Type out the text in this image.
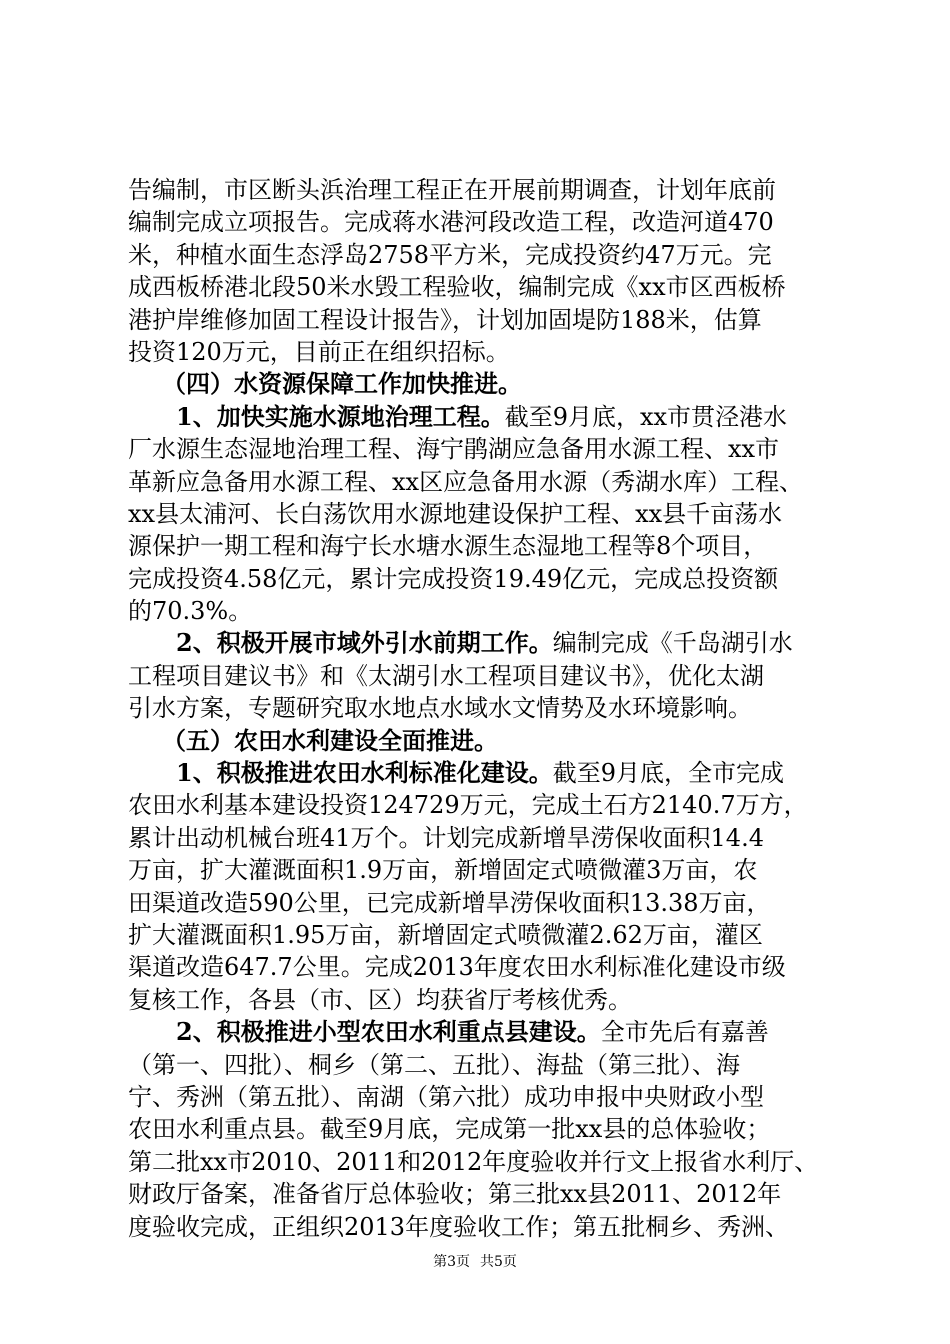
告编制，市区断头浜治理工程正在开展前期调查，计划年底前
编制完成立项报告。完成蒋水港河段改造工程，改造河道470
米，种植水面生态浮岛2758平方米，完成投资约47万元。完
成西板桥港北段50米水毁工程验收，编制完成《xx市区西板桥
港护岸维修加固工程设计报告》，计划加固堤防188米，估算
投资120万元，目前正在组织招标。
（四）水资源保障工作加快推进。
1、加快实施水源地治理工程。截至9月底，xx市贯泾港水
厂水源生态湿地治理工程、海宁鹃湖应急备用水源工程、xx市
革新应急备用水源工程、xx区应急备用水源（秀湖水库）工程、
xx县太浦河、长白荡饮用水源地建设保护工程、xx县千亩荡水
源保护一期工程和海宁长水塘水源生态湿地工程等8个项目，
完成投资4.58亿元，累计完成投资19.49亿元，完成总投资额
的70.3%。
2、积极开展市域外引水前期工作。编制完成《千岛湖引水
工程项目建议书》和《太湖引水工程项目建议书》，优化太湖
引水方案，专题研究取水地点水域水文情势及水环境影响。
（五）农田水利建设全面推进。
1、积极推进农田水利标准化建设。截至9月底，全市完成
农田水利基本建设投资124729万元，完成土石方2140.7万方，
累计出动机械台班41万个。计划完成新增旱涝保收面积14.4
万亩，扩大灌溉面积1.9万亩，新增固定式喷微灌3万亩，农
田渠道改造590公里，已完成新增旱涝保收面积13.38万亩，
扩大灌溉面积1.95万亩，新增固定式喷微灌2.62万亩，灌区
渠道改造647.7公里。完成2013年度农田水利标准化建设市级
复核工作，各县（市、区）均获省厅考核优秀。
2、积极推进小型农田水利重点县建设。全市先后有嘉善
（第一、四批）、桐乡（第二、五批）、海盐（第三批）、海
宁、秀洲（第五批）、南湖（第六批）成功申报中央财政小型
农田水利重点县。截至9月底，完成第一批xx县的总体验收；
第二批xx市2010、2011和2012年度验收并行文上报省水利厅、
财政厅备案，准备省厅总体验收；第三批xx县2011、2012年
度验收完成，正组织2013年度验收工作；第五批桐乡、秀洲、
第3页 共5页
